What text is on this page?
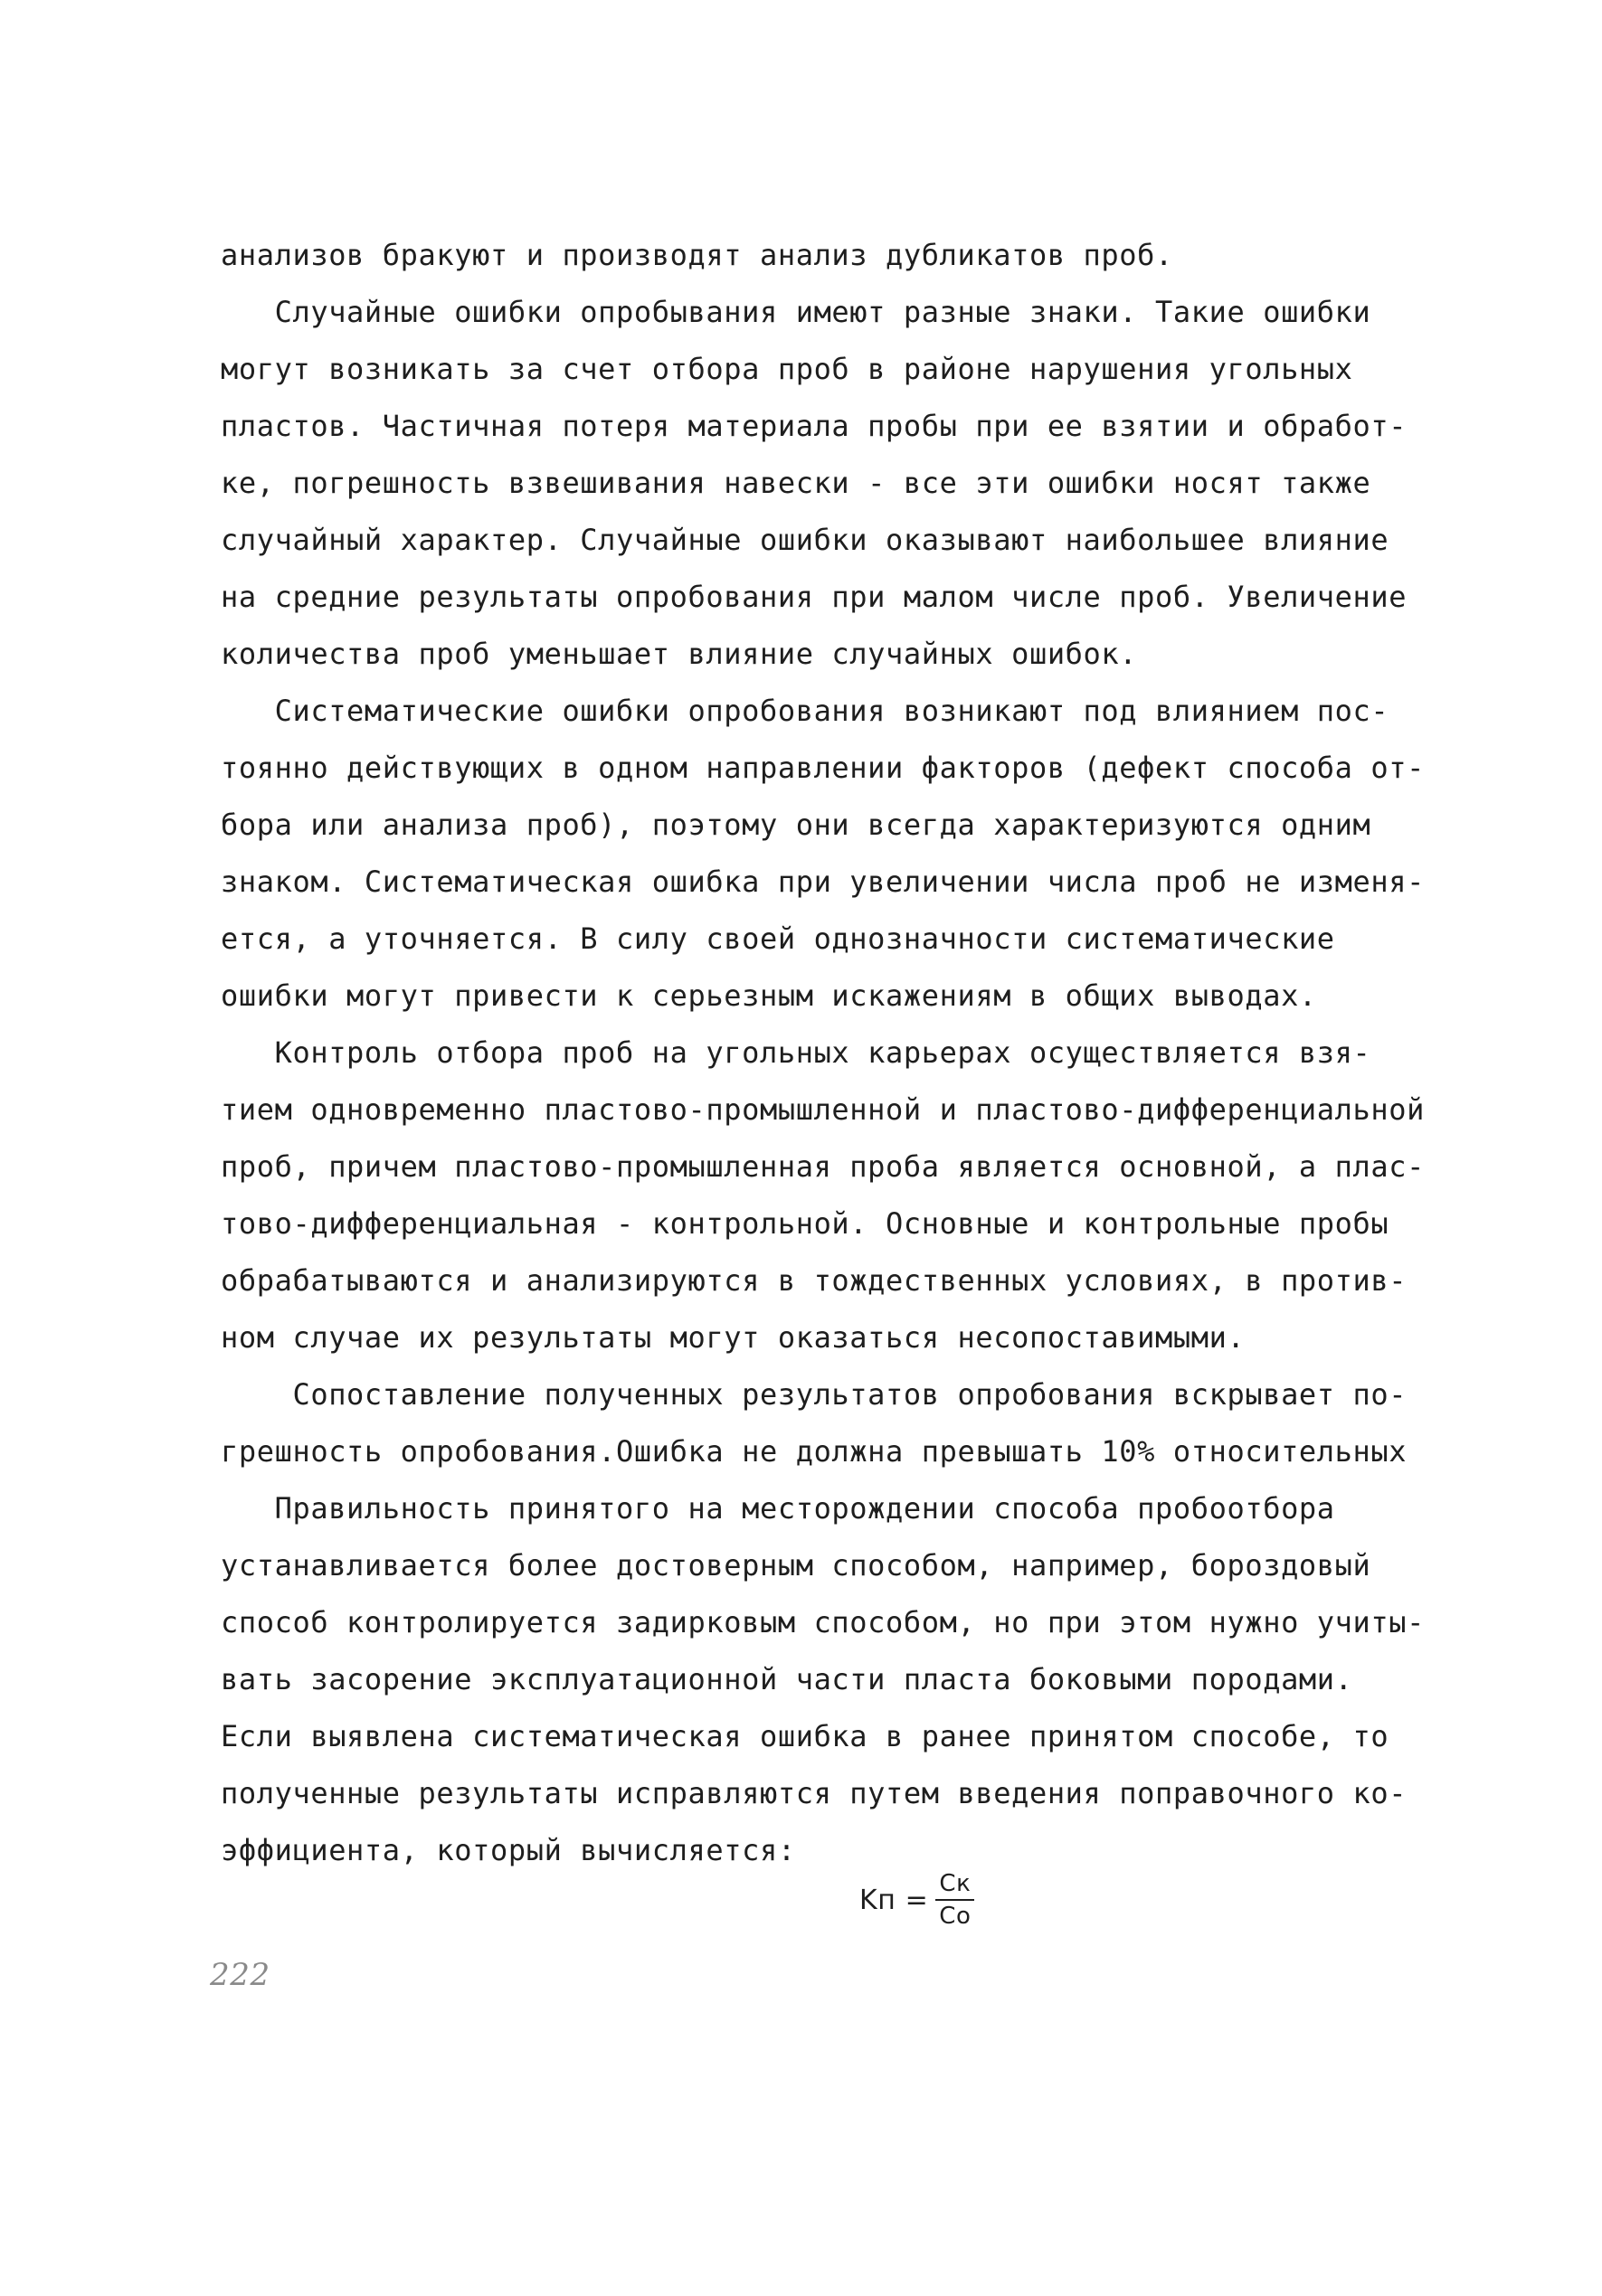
анализов бракуют и производят анализ дубликатов проб.
Случайные ошибки опробывания имеют разные знаки. Такие ошибки
могут возникать за счет отбора проб в районе нарушения угольных
пластов. Частичная потеря материала пробы при ее взятии и обработ-
ке, погрешность взвешивания навески - все эти ошибки носят также
случайный характер. Случайные ошибки оказывают наибольшее влияние
на средние результаты опробования при малом числе проб. Увеличение
количества проб уменьшает влияние случайных ошибок.
Систематические ошибки опробования возникают под влиянием пос-
тоянно действующих в одном направлении факторов (дефект способа от-
бора или анализа проб), поэтому они всегда характеризуются одним
знаком. Систематическая ошибка при увеличении числа проб не изменя-
ется, а уточняется. В силу своей однозначности систематические
ошибки могут привести к серьезным искажениям в общих выводах.
Контроль отбора проб на угольных карьерах осуществляется взя-
тием одновременно пластово-промышленной и пластово-дифференциальной
проб, причем пластово-промышленная проба является основной, а плас-
тово-дифференциальная - контрольной. Основные и контрольные пробы
обрабатываются и анализируются в тождественных условиях, в против-
ном случае их результаты могут оказаться несопоставимыми.
Сопоставление полученных результатов опробования вскрывает по-
грешность опробования.Ошибка не должна превышать 10% относительных
Правильность принятого на месторождении способа пробоотбора
устанавливается более достоверным способом, например, бороздовый
способ контролируется задирковым способом, но при этом нужно учиты-
вать засорение эксплуатационной части пласта боковыми породами.
Если выявлена систематическая ошибка в ранее принятом способе, то
полученные результаты исправляются путем введения поправочного ко-
эффициента, который вычисляется:
Kп = $\frac{Cк}{Co}$
222
